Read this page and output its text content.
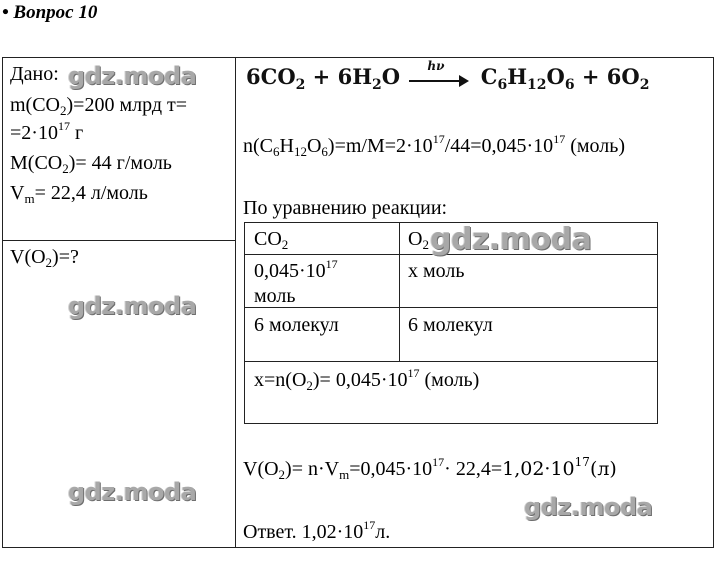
• Вопрос 10
Дано:
$m(CO_2)=200$ млрд т=
$=2\cdot 10^{17}$ г
$M(CO_2)= 44$ г/моль
$V_m= 22,4$ л/моль
$V(O_2)=$?
$6CO_2 + 6H_2O$ hν $C_6H_{12}O_6 + 6O_2$
$n(C_6H_{12}O_6)=m/M=2\cdot 10^{17}/44=0,045\cdot 10^{17}$ (моль)
По уравнению реакции:
$CO_2$	$O_2$
$0,045\cdot 10^{17}$
моль
х моль
6 молекул	6 молекул
$x=n(O_2)= 0,045\cdot 10^{17}$ (моль)
$V(O_2)= n\cdot V_m=0,045\cdot 10^{17}\cdot 22,4=1,02\cdot 10^{17}(л)$
Ответ. $1,02\cdot 10^{17}л$.
gdz.moda
gdz.moda
gdz.moda
gdz.moda
gdz.moda
